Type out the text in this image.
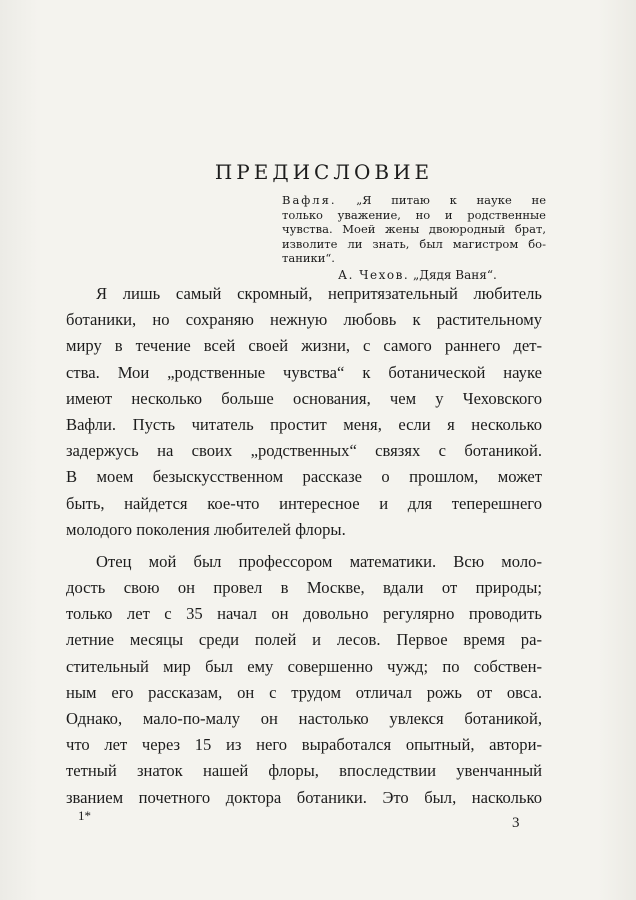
ПРЕДИСЛОВИЕ
Вафля. „Я питаю к науке не
только уважение, но и родственные
чувства. Моей жены двоюродный брат,
изволите ли знать, был магистром бо-
таники“.
А. Чехов. „Дядя Ваня“.
Я лишь самый скромный, непритязательный любитель
ботаники, но сохраняю нежную любовь к растительному
миру в течение всей своей жизни, с самого раннего дет-
ства. Мои „родственные чувства“ к ботанической науке
имеют несколько больше основания, чем у Чеховского
Вафли. Пусть читатель простит меня, если я несколько
задержусь на своих „родственных“ связях с ботаникой.
В моем безыскусственном рассказе о прошлом, может
быть, найдется кое-что интересное и для теперешнего
молодого поколения любителей флоры.
Отец мой был профессором математики. Всю моло-
дость свою он провел в Москве, вдали от природы;
только лет с 35 начал он довольно регулярно проводить
летние месяцы среди полей и лесов. Первое время ра-
стительный мир был ему совершенно чужд; по собствен-
ным его рассказам, он с трудом отличал рожь от овса.
Однако, мало-по-малу он настолько увлекся ботаникой,
что лет через 15 из него выработался опытный, автори-
тетный знаток нашей флоры, впоследствии увенчанный
званием почетного доктора ботаники. Это был, насколько
1*	3
